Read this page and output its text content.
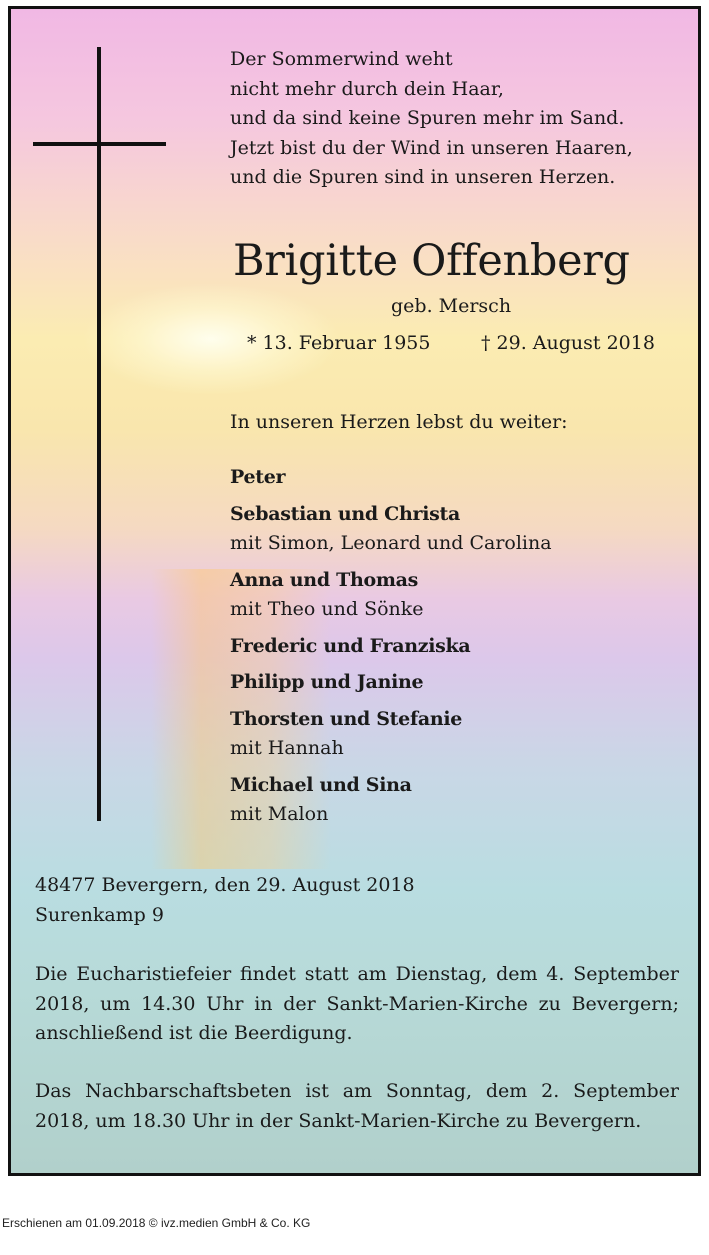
Der Sommerwind weht
nicht mehr durch dein Haar,
und da sind keine Spuren mehr im Sand.
Jetzt bist du der Wind in unseren Haaren,
und die Spuren sind in unseren Herzen.
Brigitte Offenberg
geb. Mersch
* 13. Februar 1955	† 29. August 2018
In unseren Herzen lebst du weiter:
Peter
Sebastian und Christa
mit Simon, Leonard und Carolina
Anna und Thomas
mit Theo und Sönke
Frederic und Franziska
Philipp und Janine
Thorsten und Stefanie
mit Hannah
Michael und Sina
mit Malon
48477 Bevergern, den 29. August 2018
Surenkamp 9

Die Eucharistiefeier findet statt am Dienstag, dem 4. September 2018, um 14.30 Uhr in der Sankt-Marien-Kirche zu Bevergern; anschließend ist die Beerdigung.

Das Nachbarschaftsbeten ist am Sonntag, dem 2. September 2018, um 18.30 Uhr in der Sankt-Marien-Kirche zu Bevergern.

Erschienen am 01.09.2018 © ivz.medien GmbH & Co. KG
